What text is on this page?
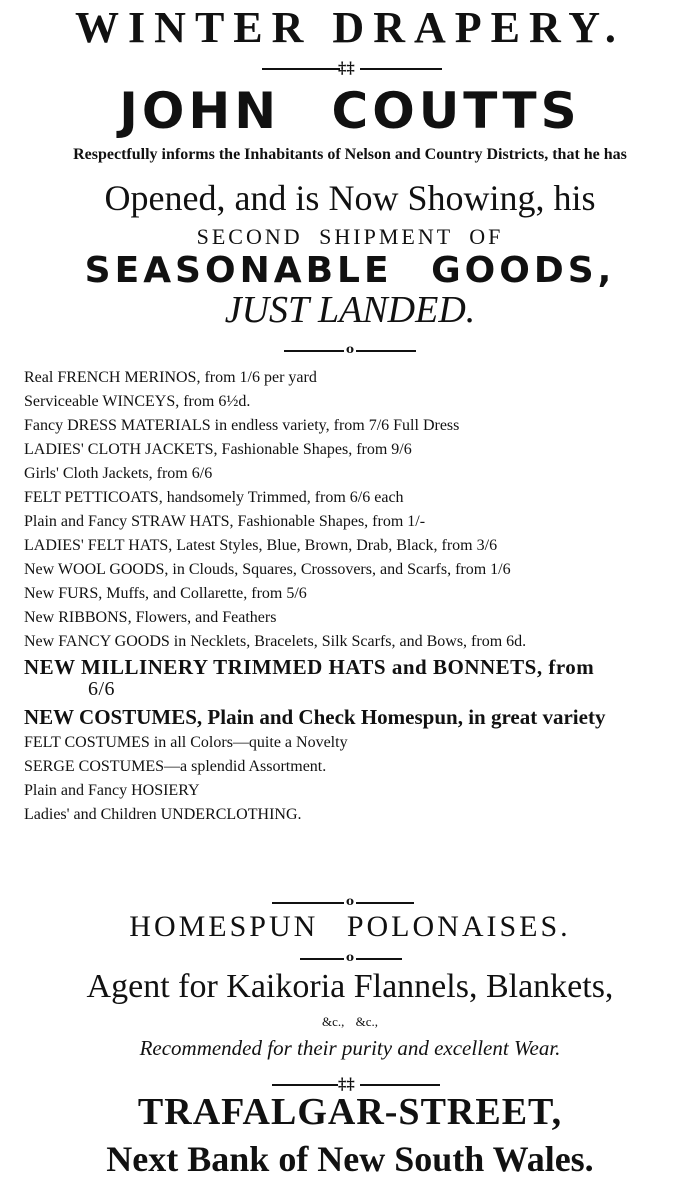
WINTER DRAPERY.
‡‡
JOHN COUTTS
Respectfully informs the Inhabitants of Nelson and Country Districts, that he has
Opened, and is Now Showing, his
SECOND SHIPMENT OF
SEASONABLE GOODS,
JUST LANDED.
o
Real FRENCH MERINOS, from 1/6 per yard
Serviceable WINCEYS, from 6½d.
Fancy DRESS MATERIALS in endless variety, from 7/6 Full Dress
LADIES' CLOTH JACKETS, Fashionable Shapes, from 9/6
Girls' Cloth Jackets, from 6/6
FELT PETTICOATS, handsomely Trimmed, from 6/6 each
Plain and Fancy STRAW HATS, Fashionable Shapes, from 1/-
LADIES' FELT HATS, Latest Styles, Blue, Brown, Drab, Black, from 3/6
New WOOL GOODS, in Clouds, Squares, Crossovers, and Scarfs, from 1/6
New FURS, Muffs, and Collarette, from 5/6
New RIBBONS, Flowers, and Feathers
New FANCY GOODS in Necklets, Bracelets, Silk Scarfs, and Bows, from 6d.
NEW MILLINERY TRIMMED HATS and BONNETS, from
6/6
NEW COSTUMES, Plain and Check Homespun, in great variety
FELT COSTUMES in all Colors—quite a Novelty
SERGE COSTUMES—a splendid Assortment.
Plain and Fancy HOSIERY
Ladies' and Children UNDERCLOTHING.
o
HOMESPUN POLONAISES.
o
Agent for Kaikoria Flannels, Blankets,
&c., &c.,
Recommended for their purity and excellent Wear.
‡‡
TRAFALGAR-STREET,
Next Bank of New South Wales.
